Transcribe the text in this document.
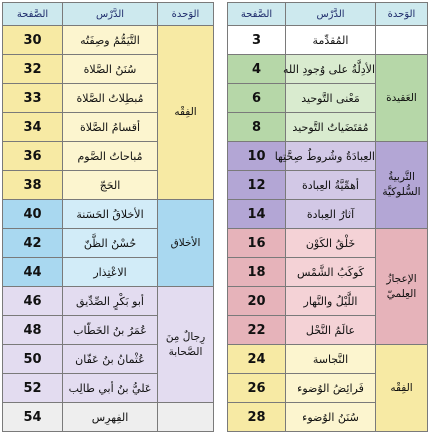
الوَحدة	الدَّرْس	الصَّفحة
	المُقدِّمة	3
العَقيدة	الأدِلَّةُ على وُجودِ الله	4
	مَعْنى التَّوحيد	6
	مُقتَضَياتُ التَّوحيد	8
التَّربيةُ السُّلوكيَّة	العِبادَةُ وشُروطُ صِحَّتِها	10
	أهمِّيَّةُ العِبادة	12
	آثارُ العِبادة	14
الإعجازُ العِلميّ	خَلْقُ الكَوْن	16
	كَوكَبُ الشَّمْس	18
	اللَّيْلُ والنَّهار	20
	عالَمُ النَّحْل	22
الفِقْه	النَّجاسة	24
	فَرائِضُ الوُضوء	26
	سُنَنُ الوُضوء	28
الوَحدة	الدَّرْس	الصَّفحة
الفِقْه	التَّيَمُّمُ وصِفَتُه	30
	سُنَنُ الصَّلاة	32
	مُبطِلاتُ الصَّلاة	33
	أقسامُ الصَّلاة	34
	مُباحاتُ الصَّوم	36
	الحَجّ	38
الأخلاق	الأخلاقُ الحَسَنة	40
	حُسْنُ الظَّنّ	42
	الاعْتِذار	44
رِجالٌ مِنَ الصَّحابة	أبو بَكْرٍ الصِّدِّيق	46
	عُمَرُ بنُ الخَطّاب	48
	عُثْمانُ بنُ عَفّان	50
	عَليُّ بنُ أبي طالِب	52
	الفِهرِس	54
